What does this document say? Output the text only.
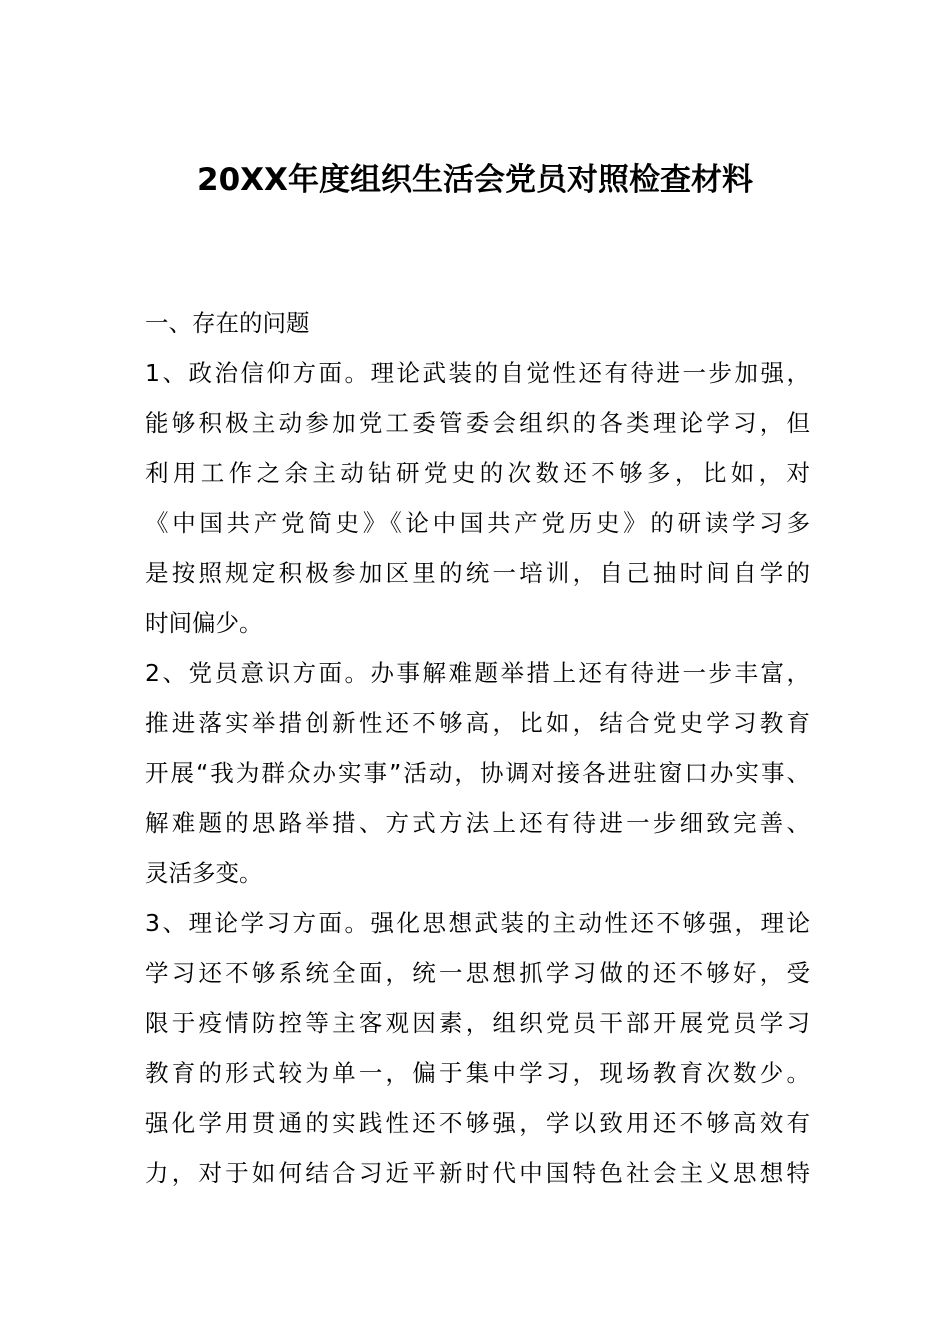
20XX年度组织生活会党员对照检查材料
一、存在的问题
1、政治信仰方面。理论武装的自觉性还有待进一步加强，
能够积极主动参加党工委管委会组织的各类理论学习，但
利用工作之余主动钻研党史的次数还不够多，比如，对
《中国共产党简史》《论中国共产党历史》的研读学习多
是按照规定积极参加区里的统一培训，自己抽时间自学的
时间偏少。
2、党员意识方面。办事解难题举措上还有待进一步丰富，
推进落实举措创新性还不够高，比如，结合党史学习教育
开展“我为群众办实事”活动，协调对接各进驻窗口办实事、
解难题的思路举措、方式方法上还有待进一步细致完善、
灵活多变。
3、理论学习方面。强化思想武装的主动性还不够强，理论
学习还不够系统全面，统一思想抓学习做的还不够好，受
限于疫情防控等主客观因素，组织党员干部开展党员学习
教育的形式较为单一，偏于集中学习，现场教育次数少。
强化学用贯通的实践性还不够强，学以致用还不够高效有
力，对于如何结合习近平新时代中国特色社会主义思想特
